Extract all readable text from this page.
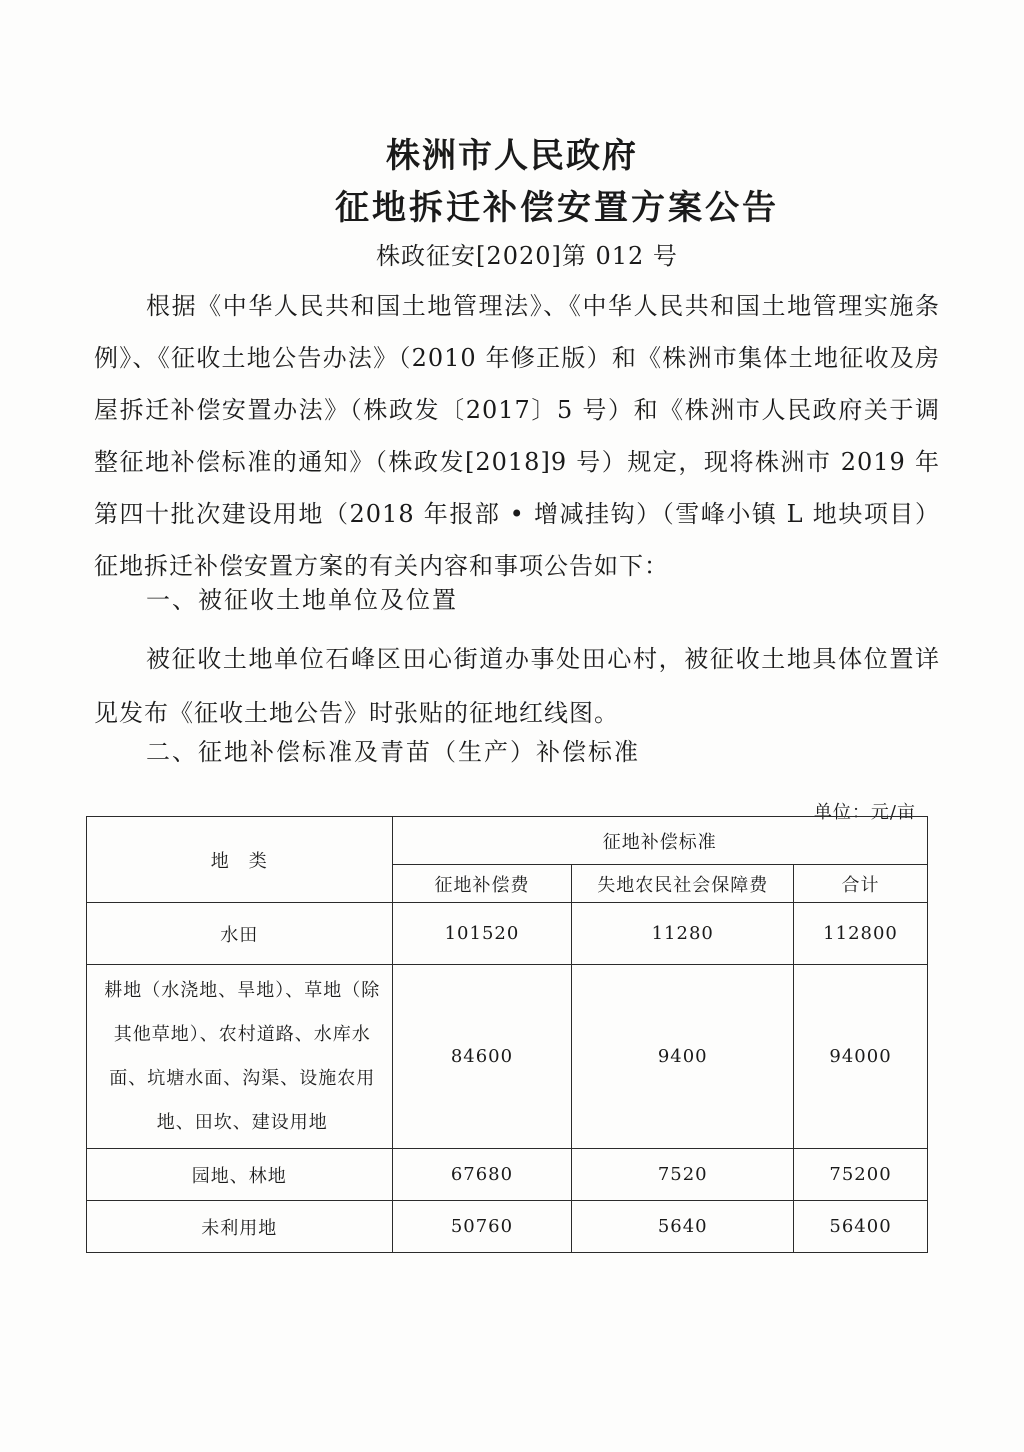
株洲市人民政府
征地拆迁补偿安置方案公告
株政征安[2020]第 012 号
根据《中华人民共和国土地管理法》、《中华人民共和国土地管理实施条例》、《征收土地公告办法》（2010 年修正版）和《株洲市集体土地征收及房屋拆迁补偿安置办法》（株政发〔2017〕5 号）和《株洲市人民政府关于调整征地补偿标准的通知》（株政发[2018]9 号）规定，现将株洲市 2019 年第四十批次建设用地（2018 年报部 • 增减挂钩）（雪峰小镇 L 地块项目）征地拆迁补偿安置方案的有关内容和事项公告如下：
一、被征收土地单位及位置
被征收土地单位石峰区田心街道办事处田心村，被征收土地具体位置详见发布《征收土地公告》时张贴的征地红线图。
二、征地补偿标准及青苗（生产）补偿标准
单位：元/亩
地　类	征地补偿标准		
	征地补偿费	失地农民社会保障费	合计
水田	101520	11280	112800
耕地（水浇地、旱地）、草地（除其他草地）、农村道路、水库水面、坑塘水面、沟渠、设施农用地、田坎、建设用地	84600	9400	94000
园地、林地	67680	7520	75200
未利用地	50760	5640	56400
